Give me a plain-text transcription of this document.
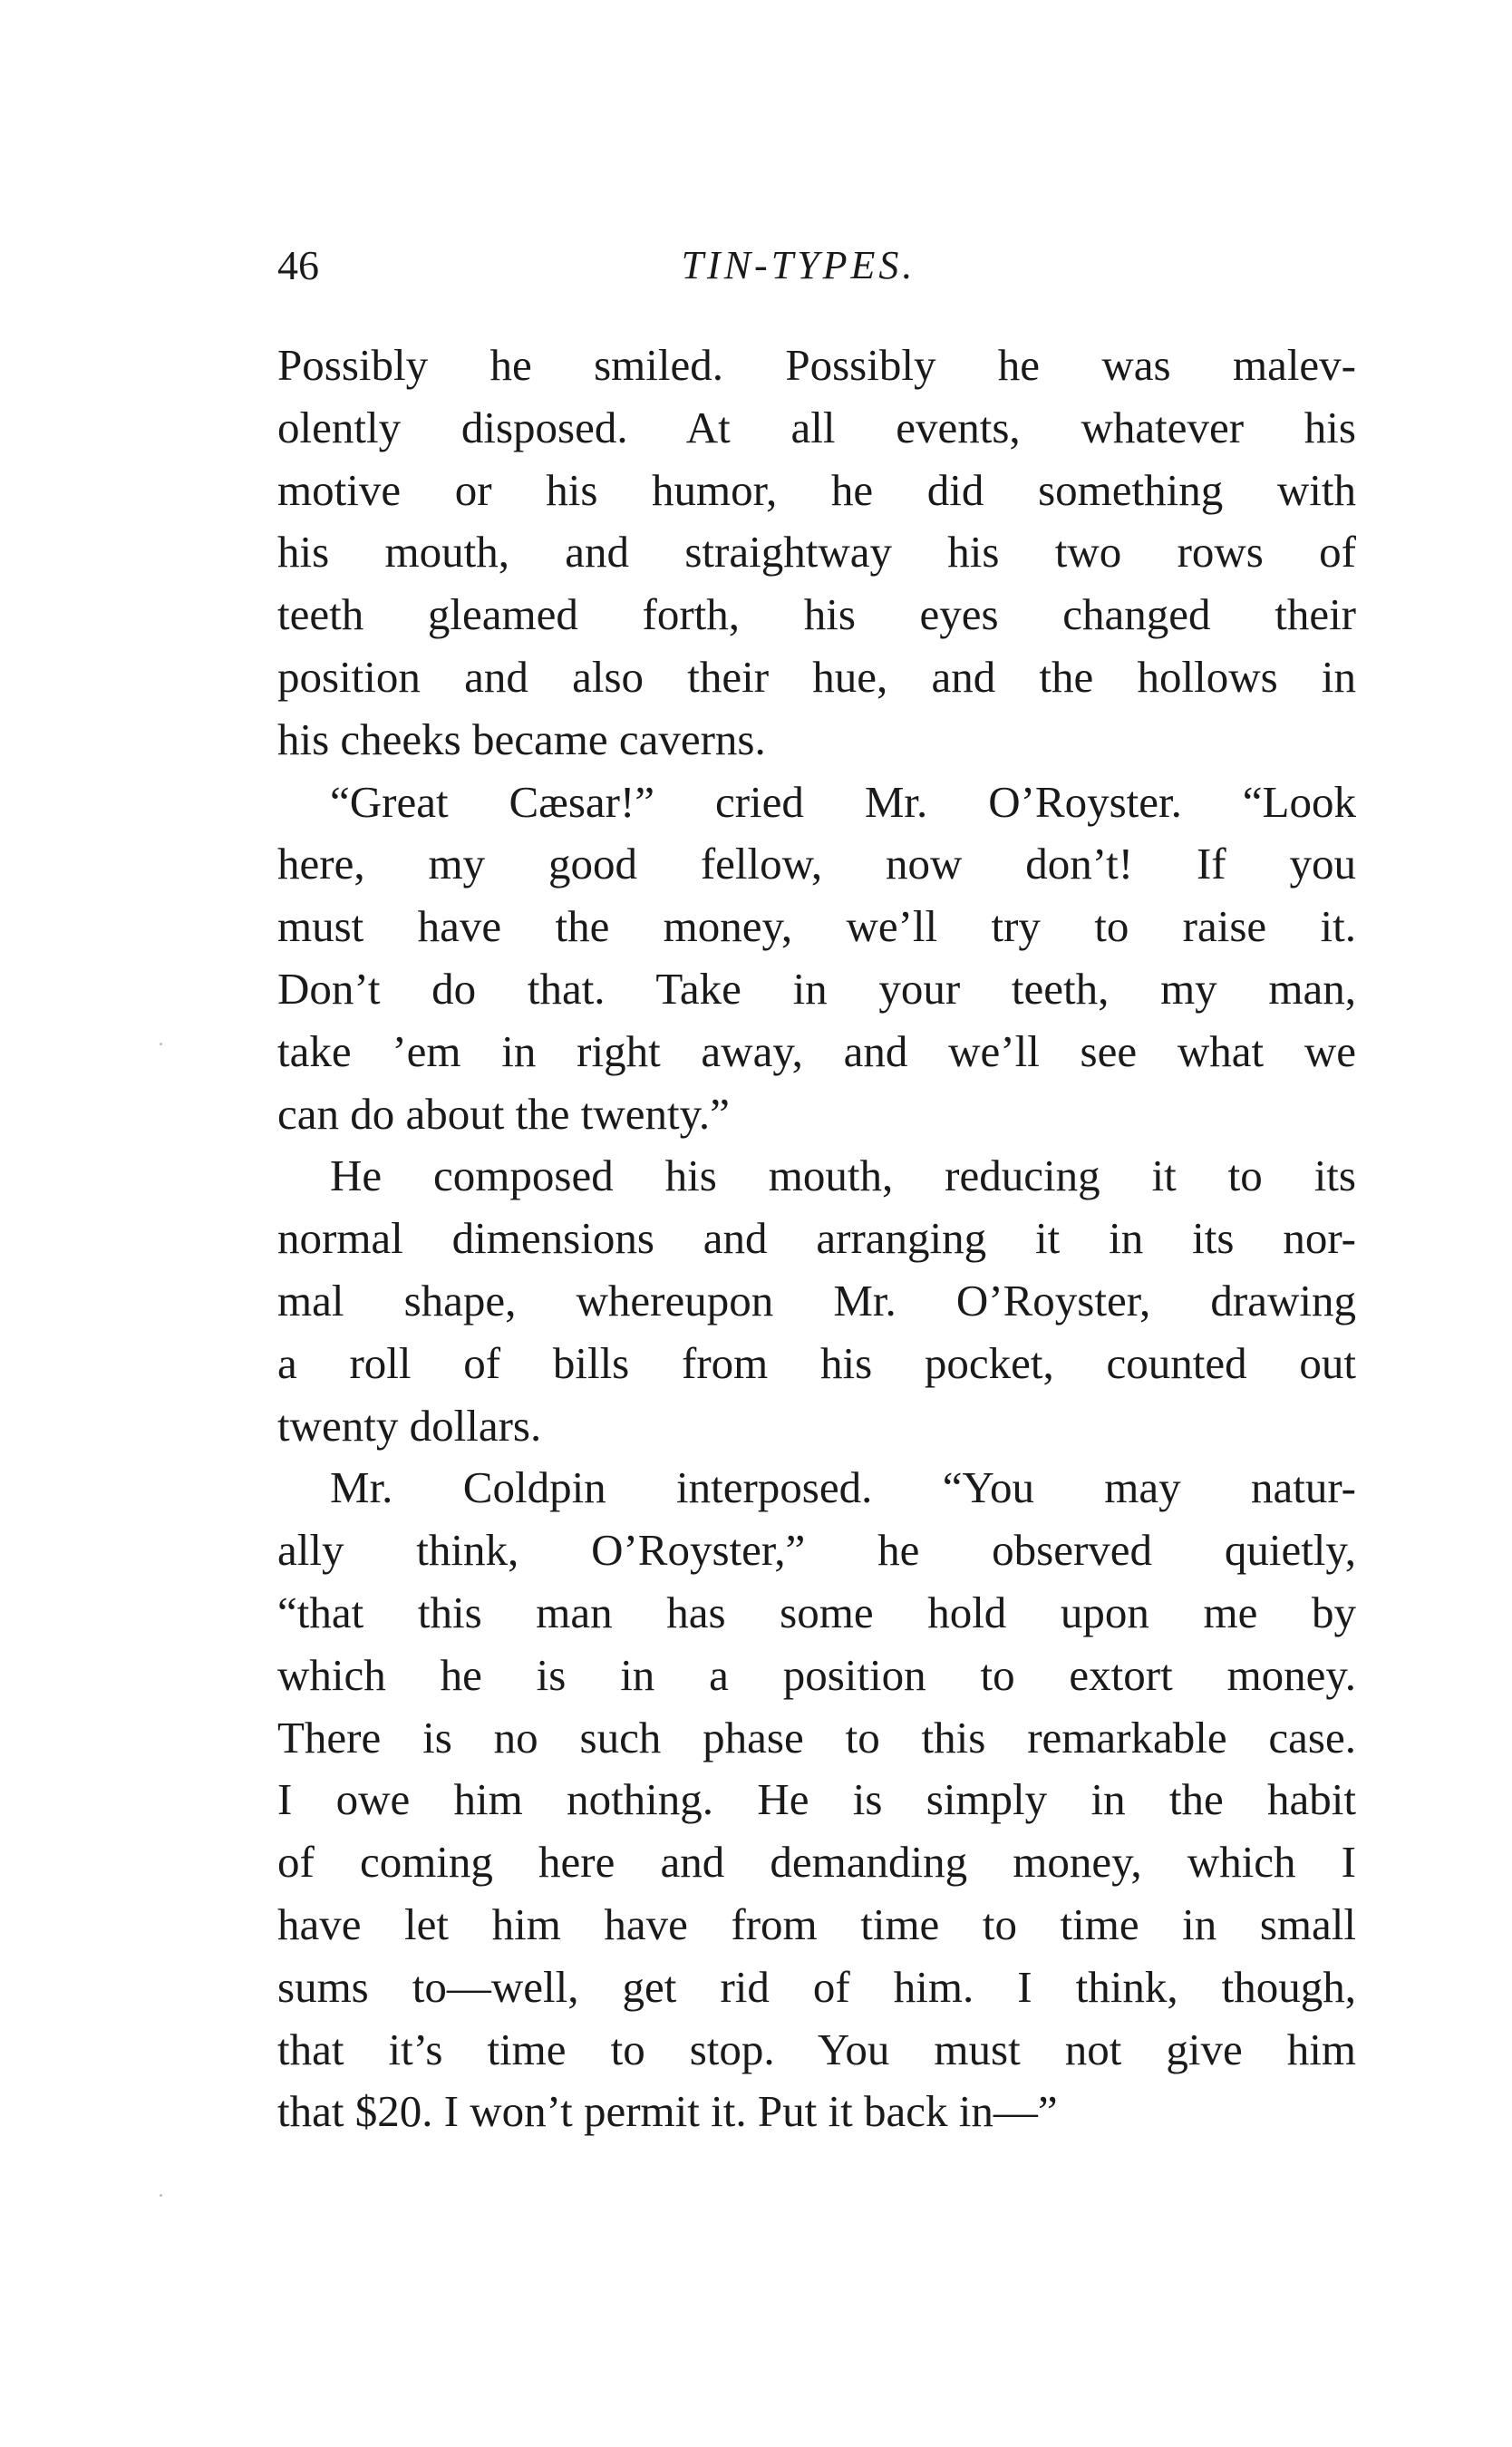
46	TIN-TYPES.

Possibly he smiled. Possibly he was malev-
olently disposed. At all events, whatever his
motive or his humor, he did something with
his mouth, and straightway his two rows of
teeth gleamed forth, his eyes changed their
position and also their hue, and the hollows in
his cheeks became caverns.

“Great Cæsar!” cried Mr. O’Royster. “Look
here, my good fellow, now don’t! If you
must have the money, we’ll try to raise it.
Don’t do that. Take in your teeth, my man,
take ’em in right away, and we’ll see what we
can do about the twenty.”

He composed his mouth, reducing it to its
normal dimensions and arranging it in its nor-
mal shape, whereupon Mr. O’Royster, drawing
a roll of bills from his pocket, counted out
twenty dollars.

Mr. Coldpin interposed. “You may natur-
ally think, O’Royster,” he observed quietly,
“that this man has some hold upon me by
which he is in a position to extort money.
There is no such phase to this remarkable case.
I owe him nothing. He is simply in the habit
of coming here and demanding money, which I
have let him have from time to time in small
sums to—well, get rid of him. I think, though,
that it’s time to stop. You must not give him
that $20. I won’t permit it. Put it back in—”
